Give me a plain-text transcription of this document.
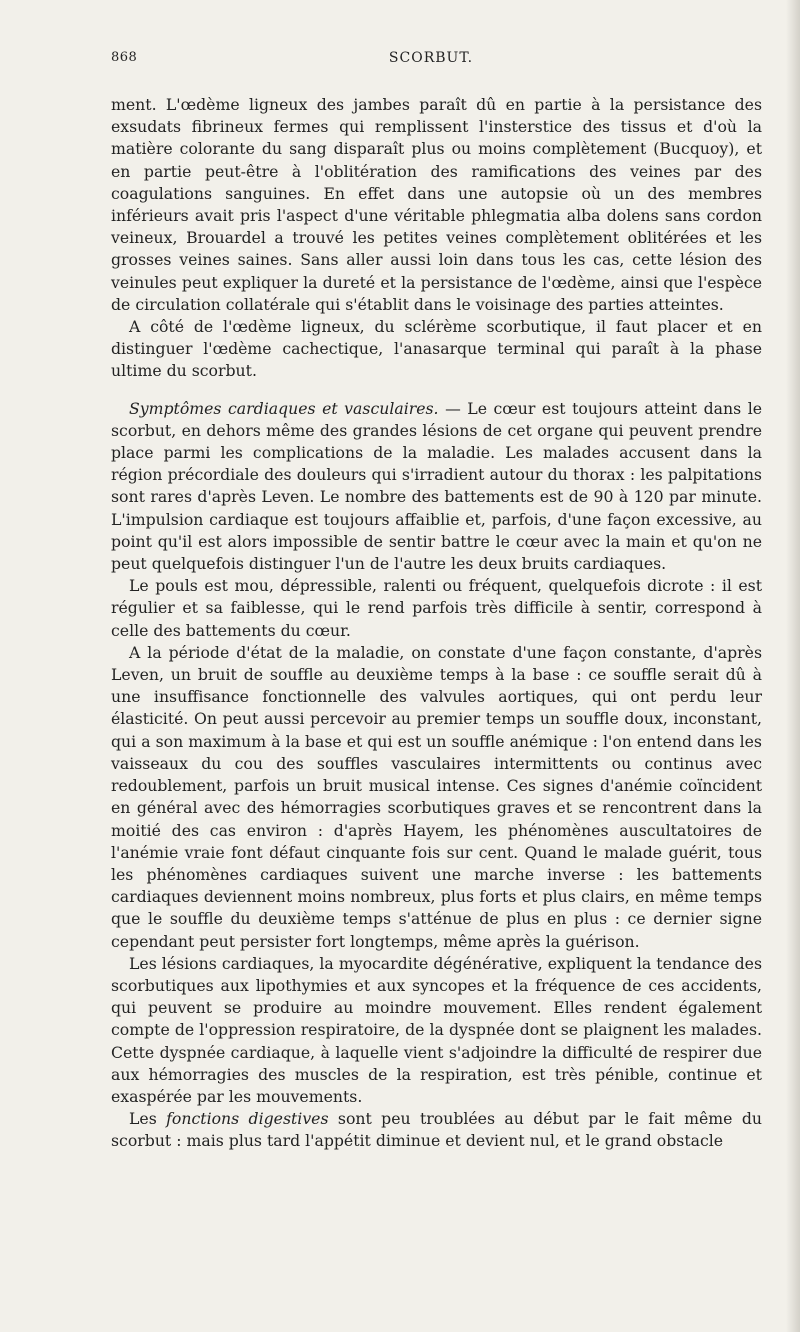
868	SCORBUT.

ment. L'œdème ligneux des jambes paraît dû en partie à la persistance des exsudats fibrineux fermes qui remplissent l'insterstice des tissus et d'où la matière colorante du sang disparaît plus ou moins complètement (Bucquoy), et en partie peut-être à l'oblitération des ramifications des veines par des coagulations sanguines. En effet dans une autopsie où un des membres inférieurs avait pris l'aspect d'une véritable phlegmatia alba dolens sans cordon veineux, Brouardel a trouvé les petites veines complètement oblitérées et les grosses veines saines. Sans aller aussi loin dans tous les cas, cette lésion des veinules peut expliquer la dureté et la persistance de l'œdème, ainsi que l'espèce de circulation collatérale qui s'établit dans le voisinage des parties atteintes.

A côté de l'œdème ligneux, du sclérème scorbutique, il faut placer et en distinguer l'œdème cachectique, l'anasarque terminal qui paraît à la phase ultime du scorbut.

Symptômes cardiaques et vasculaires. — Le cœur est toujours atteint dans le scorbut, en dehors même des grandes lésions de cet organe qui peuvent prendre place parmi les complications de la maladie. Les malades accusent dans la région précordiale des douleurs qui s'irradient autour du thorax : les palpitations sont rares d'après Leven. Le nombre des battements est de 90 à 120 par minute. L'impulsion cardiaque est toujours affaiblie et, parfois, d'une façon excessive, au point qu'il est alors impossible de sentir battre le cœur avec la main et qu'on ne peut quelquefois distinguer l'un de l'autre les deux bruits cardiaques.

Le pouls est mou, dépressible, ralenti ou fréquent, quelquefois dicrote : il est régulier et sa faiblesse, qui le rend parfois très difficile à sentir, correspond à celle des battements du cœur.

A la période d'état de la maladie, on constate d'une façon constante, d'après Leven, un bruit de souffle au deuxième temps à la base : ce souffle serait dû à une insuffisance fonctionnelle des valvules aortiques, qui ont perdu leur élasticité. On peut aussi percevoir au premier temps un souffle doux, inconstant, qui a son maximum à la base et qui est un souffle anémique : l'on entend dans les vaisseaux du cou des souffles vasculaires intermittents ou continus avec redoublement, parfois un bruit musical intense. Ces signes d'anémie coïncident en général avec des hémorragies scorbutiques graves et se rencontrent dans la moitié des cas environ : d'après Hayem, les phénomènes auscultatoires de l'anémie vraie font défaut cinquante fois sur cent. Quand le malade guérit, tous les phénomènes cardiaques suivent une marche inverse : les battements cardiaques deviennent moins nombreux, plus forts et plus clairs, en même temps que le souffle du deuxième temps s'atténue de plus en plus : ce dernier signe cependant peut persister fort longtemps, même après la guérison.

Les lésions cardiaques, la myocardite dégénérative, expliquent la tendance des scorbutiques aux lipothymies et aux syncopes et la fréquence de ces accidents, qui peuvent se produire au moindre mouvement. Elles rendent également compte de l'oppression respiratoire, de la dyspnée dont se plaignent les malades. Cette dyspnée cardiaque, à laquelle vient s'adjoindre la difficulté de respirer due aux hémorragies des muscles de la respiration, est très pénible, continue et exaspérée par les mouvements.

Les fonctions digestives sont peu troublées au début par le fait même du scorbut : mais plus tard l'appétit diminue et devient nul, et le grand obstacle
